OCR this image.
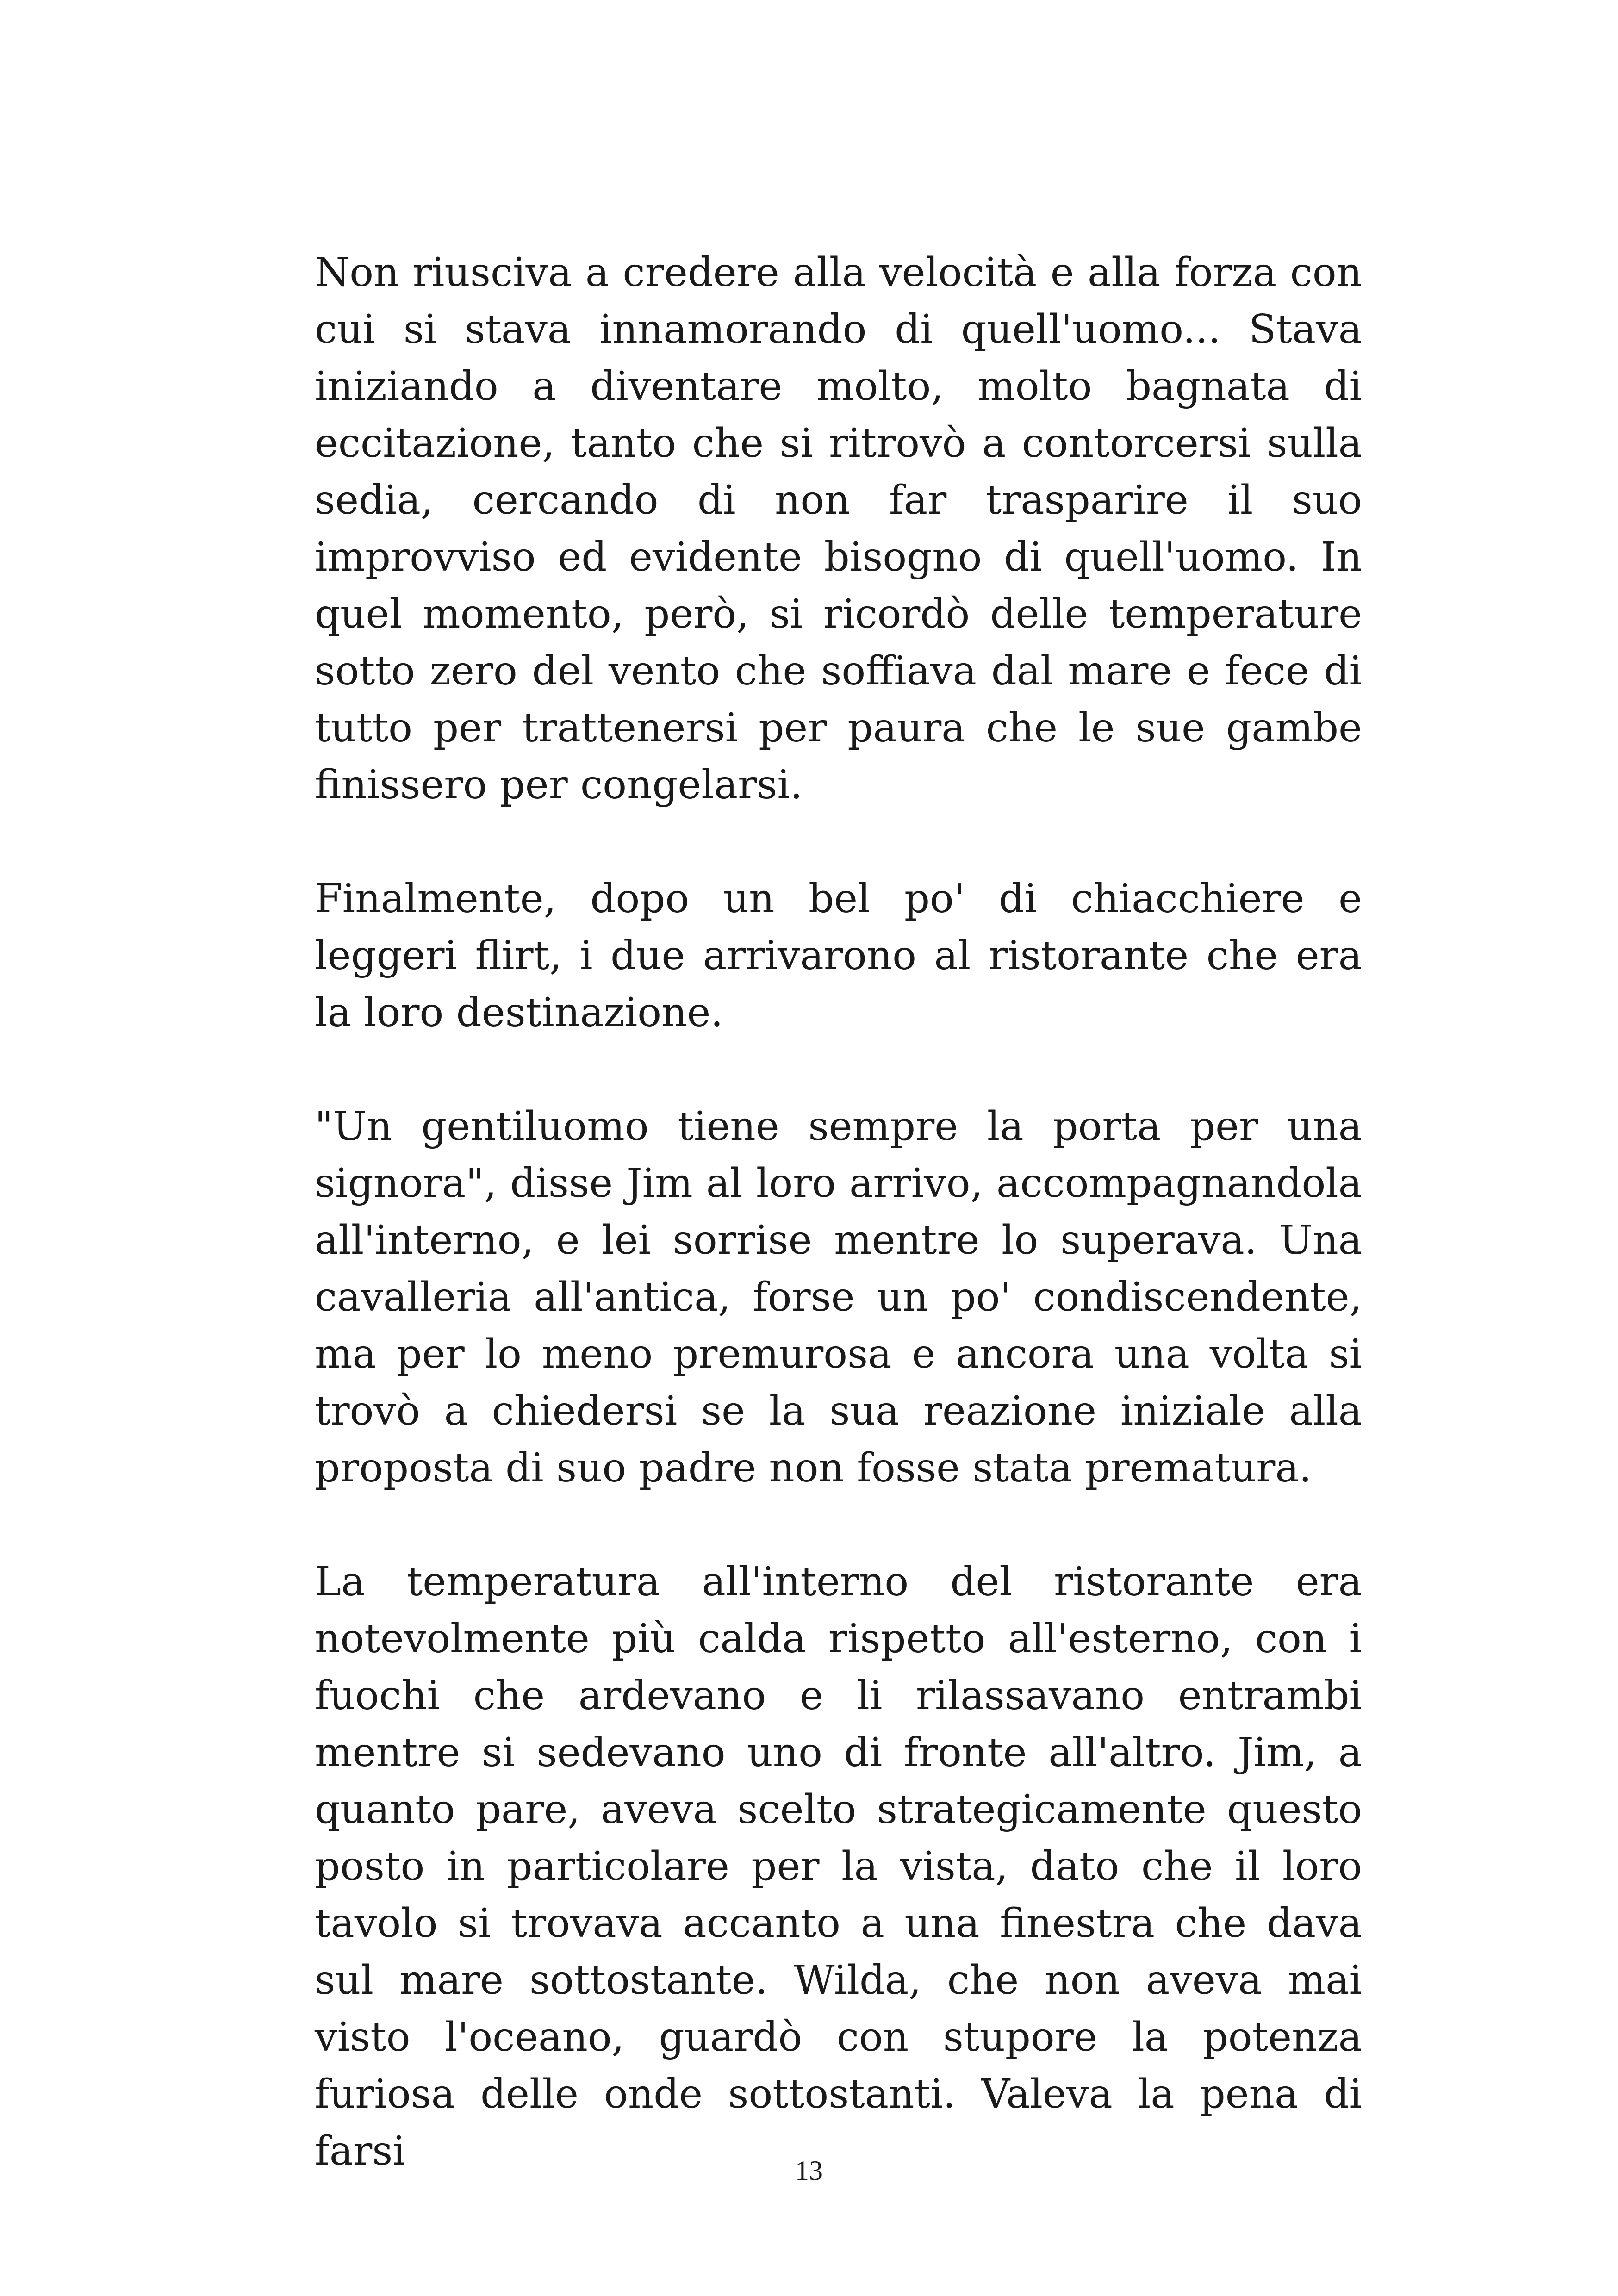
Non riusciva a credere alla velocità e alla forza con cui si stava innamorando di quell'uomo... Stava iniziando a diventare molto, molto bagnata di eccitazione, tanto che si ritrovò a contorcersi sulla sedia, cercando di non far trasparire il suo improvviso ed evidente bisogno di quell'uomo. In quel momento, però, si ricordò delle temperature sotto zero del vento che soffiava dal mare e fece di tutto per trattenersi per paura che le sue gambe finissero per congelarsi.

Finalmente, dopo un bel po' di chiacchiere e leggeri flirt, i due arrivarono al ristorante che era la loro destinazione.

"Un gentiluomo tiene sempre la porta per una signora", disse Jim al loro arrivo, accompagnandola all'interno, e lei sorrise mentre lo superava. Una cavalleria all'antica, forse un po' condiscendente, ma per lo meno premurosa e ancora una volta si trovò a chiedersi se la sua reazione iniziale alla proposta di suo padre non fosse stata prematura.

La temperatura all'interno del ristorante era notevolmente più calda rispetto all'esterno, con i fuochi che ardevano e li rilassavano entrambi mentre si sedevano uno di fronte all'altro. Jim, a quanto pare, aveva scelto strategicamente questo posto in particolare per la vista, dato che il loro tavolo si trovava accanto a una finestra che dava sul mare sottostante. Wilda, che non aveva mai visto l'oceano, guardò con stupore la potenza furiosa delle onde sottostanti. Valeva la pena di farsi	13
